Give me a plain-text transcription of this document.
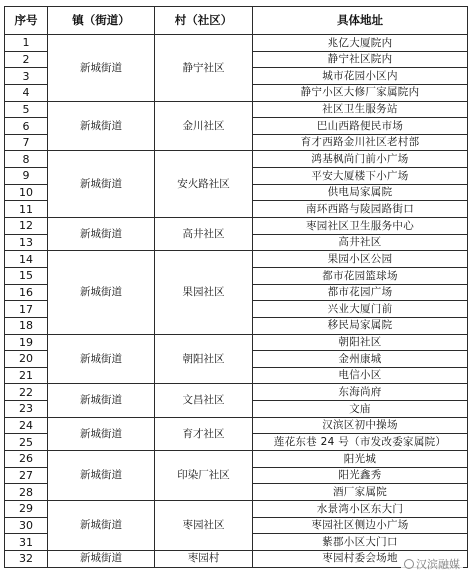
序号	镇（街道）	村（社区）	具体地址
1	新城街道	静宁社区	兆亿大厦院内
2			静宁社区院内
3			城市花园小区内
4			静宁小区大修厂家属院内
5	新城街道	金川社区	社区卫生服务站
6			巴山西路便民市场
7			育才西路金川社区老村部
8	新城街道	安火路社区	鸿基枫尚门前小广场
9			平安大厦楼下小广场
10			供电局家属院
11			南环西路与陵园路街口
12	新城街道	高井社区	枣园社区卫生服务中心
13			高井社区
14	新城街道	果园社区	果园小区公园
15			都市花园篮球场
16			都市花园广场
17			兴业大厦门前
18			移民局家属院
19	新城街道	朝阳社区	朝阳社区
20			金州康城
21			电信小区
22	新城街道	文昌社区	东海尚府
23			文庙
24	新城街道	育才社区	汉滨区初中操场
25			莲花东巷 24 号（市发改委家属院）
26	新城街道	印染厂社区	阳光城
27			阳光鑫秀
28			酒厂家属院
29	新城街道	枣园社区	水景湾小区东大门
30			枣园社区侧边小广场
31			紫郡小区大门口
32	新城街道	枣园村	枣园村委会场地	汉滨融媒
